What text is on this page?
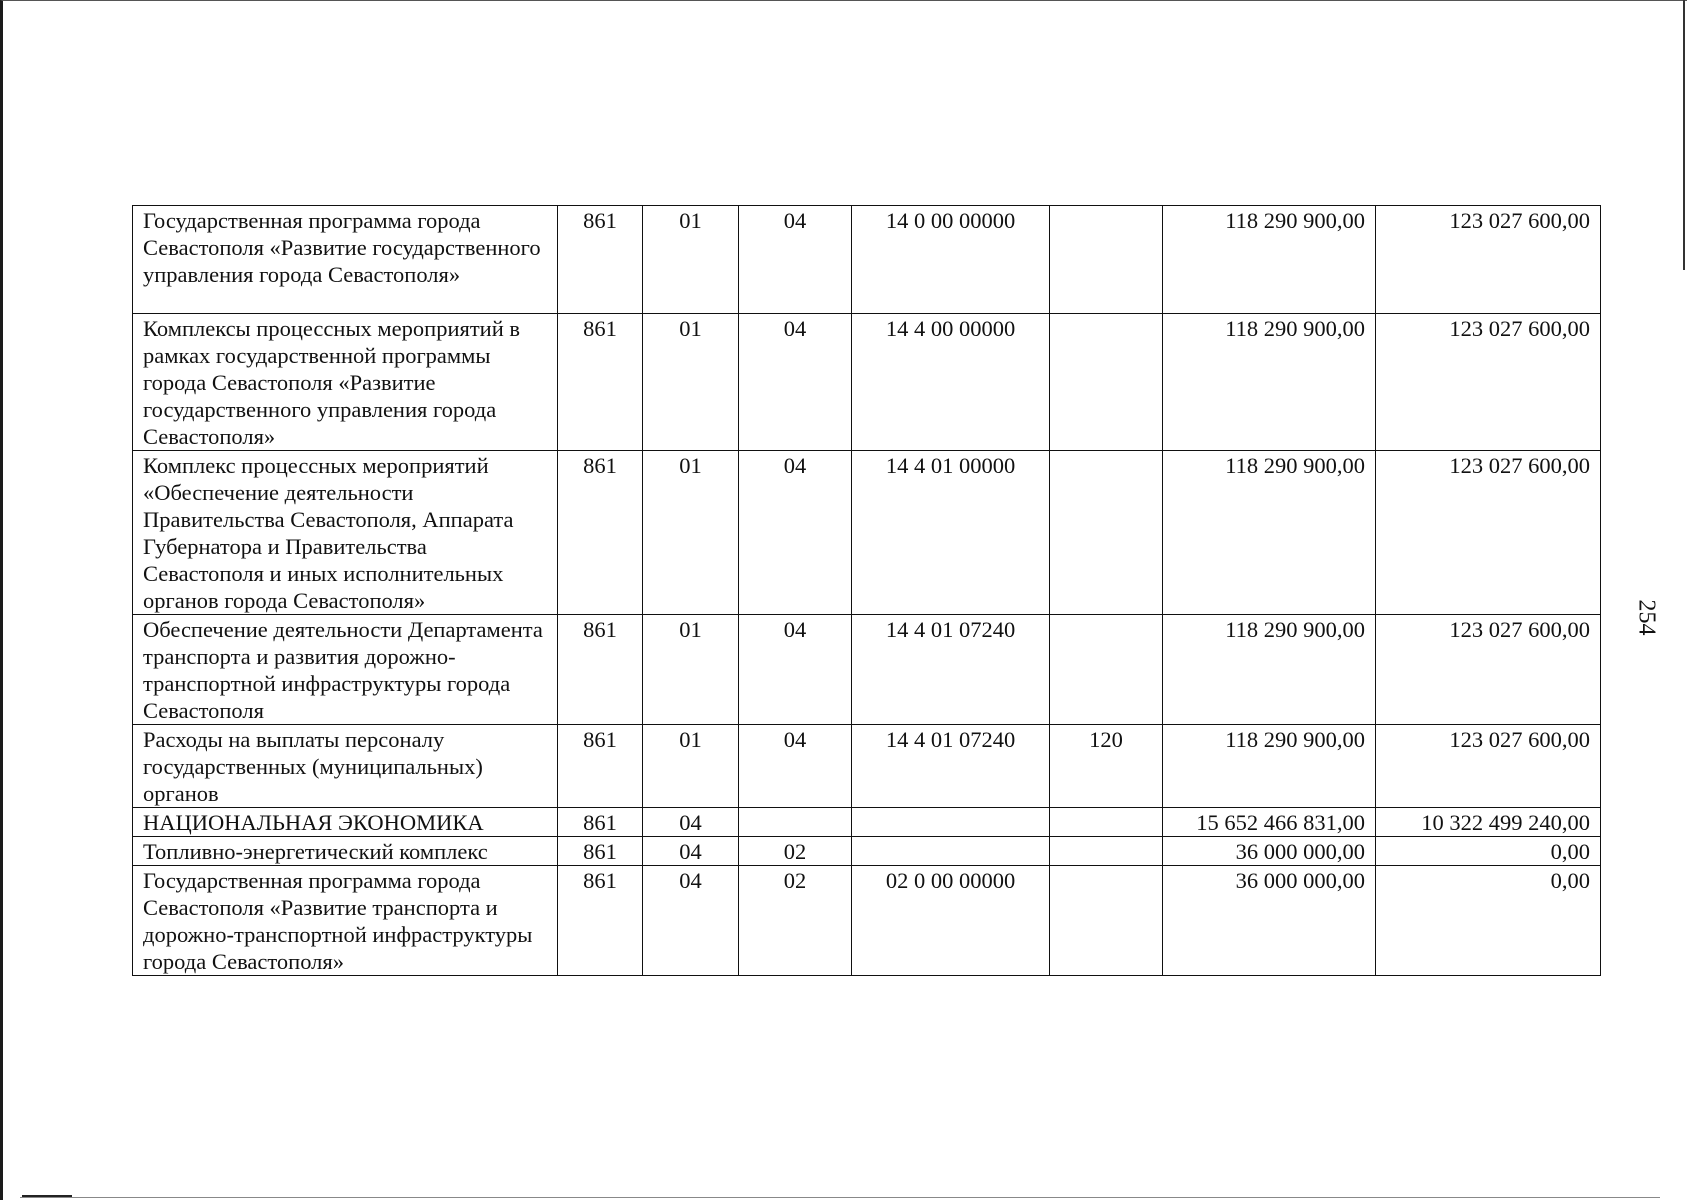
Государственная программа города Севастополя «Развитие государственного управления города Севастополя»	861	01	04	14 0 00 00000		118 290 900,00	123 027 600,00
Комплексы процессных мероприятий в рамках государственной программы города Севастополя «Развитие государственного управления города Севастополя»	861	01	04	14 4 00 00000		118 290 900,00	123 027 600,00
Комплекс процессных мероприятий «Обеспечение деятельности Правительства Севастополя, Аппарата Губернатора и Правительства Севастополя и иных исполнительных органов города Севастополя»	861	01	04	14 4 01 00000		118 290 900,00	123 027 600,00
Обеспечение деятельности Департамента транспорта и развития дорожно-транспортной инфраструктуры города Севастополя	861	01	04	14 4 01 07240		118 290 900,00	123 027 600,00
Расходы на выплаты персоналу государственных (муниципальных) органов	861	01	04	14 4 01 07240	120	118 290 900,00	123 027 600,00
НАЦИОНАЛЬНАЯ ЭКОНОМИКА	861	04				15 652 466 831,00	10 322 499 240,00
Топливно-энергетический комплекс	861	04	02			36 000 000,00	0,00
Государственная программа города Севастополя «Развитие транспорта и дорожно-транспортной инфраструктуры города Севастополя»	861	04	02	02 0 00 00000		36 000 000,00	0,00
254
